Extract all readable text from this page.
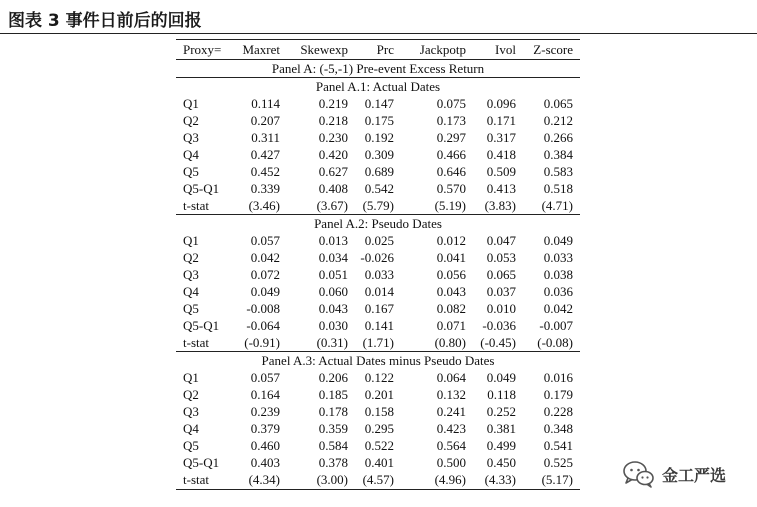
图表 3 事件日前后的回报
Proxy= Maxret Skewexp Prc Jackpotp Ivol Z-score
Panel A: (-5,-1) Pre-event Excess Return
Panel A.1: Actual Dates
Q1	0.114	0.219 0.147	0.075 0.096 0.065
Q2	0.207	0.218 0.175	0.173 0.171 0.212
Q3	0.311	0.230 0.192	0.297 0.317 0.266
Q4	0.427	0.420 0.309	0.466 0.418 0.384
Q5	0.452	0.627 0.689	0.646 0.509 0.583
Q5-Q1 0.339	0.408 0.542	0.570 0.413 0.518
t-stat	(3.46)	(3.67) (5.79)	(5.19) (3.83) (4.71)
Panel A.2: Pseudo Dates
Q1	0.057	0.013 0.025	0.012 0.047 0.049
Q2	0.042	0.034 -0.026	0.041 0.053 0.033
Q3	0.072	0.051 0.033	0.056 0.065 0.038
Q4	0.049	0.060 0.014	0.043 0.037 0.036
Q5	-0.008	0.043 0.167	0.082 0.010 0.042
Q5-Q1 -0.064	0.030 0.141	0.071 -0.036 -0.007
t-stat	(-0.91)	(0.31) (1.71)	(0.80) (-0.45) (-0.08)
Panel A.3: Actual Dates minus Pseudo Dates
Q1	0.057	0.206 0.122	0.064 0.049 0.016
Q2	0.164	0.185 0.201	0.132 0.118 0.179
Q3	0.239	0.178 0.158	0.241 0.252 0.228
Q4	0.379	0.359 0.295	0.423 0.381 0.348
Q5	0.460	0.584 0.522	0.564 0.499 0.541
Q5-Q1 0.403	0.378 0.401	0.500 0.450 0.525
t-stat	(4.34)	(3.00) (4.57)	(4.96) (4.33) (5.17)	金工严选
